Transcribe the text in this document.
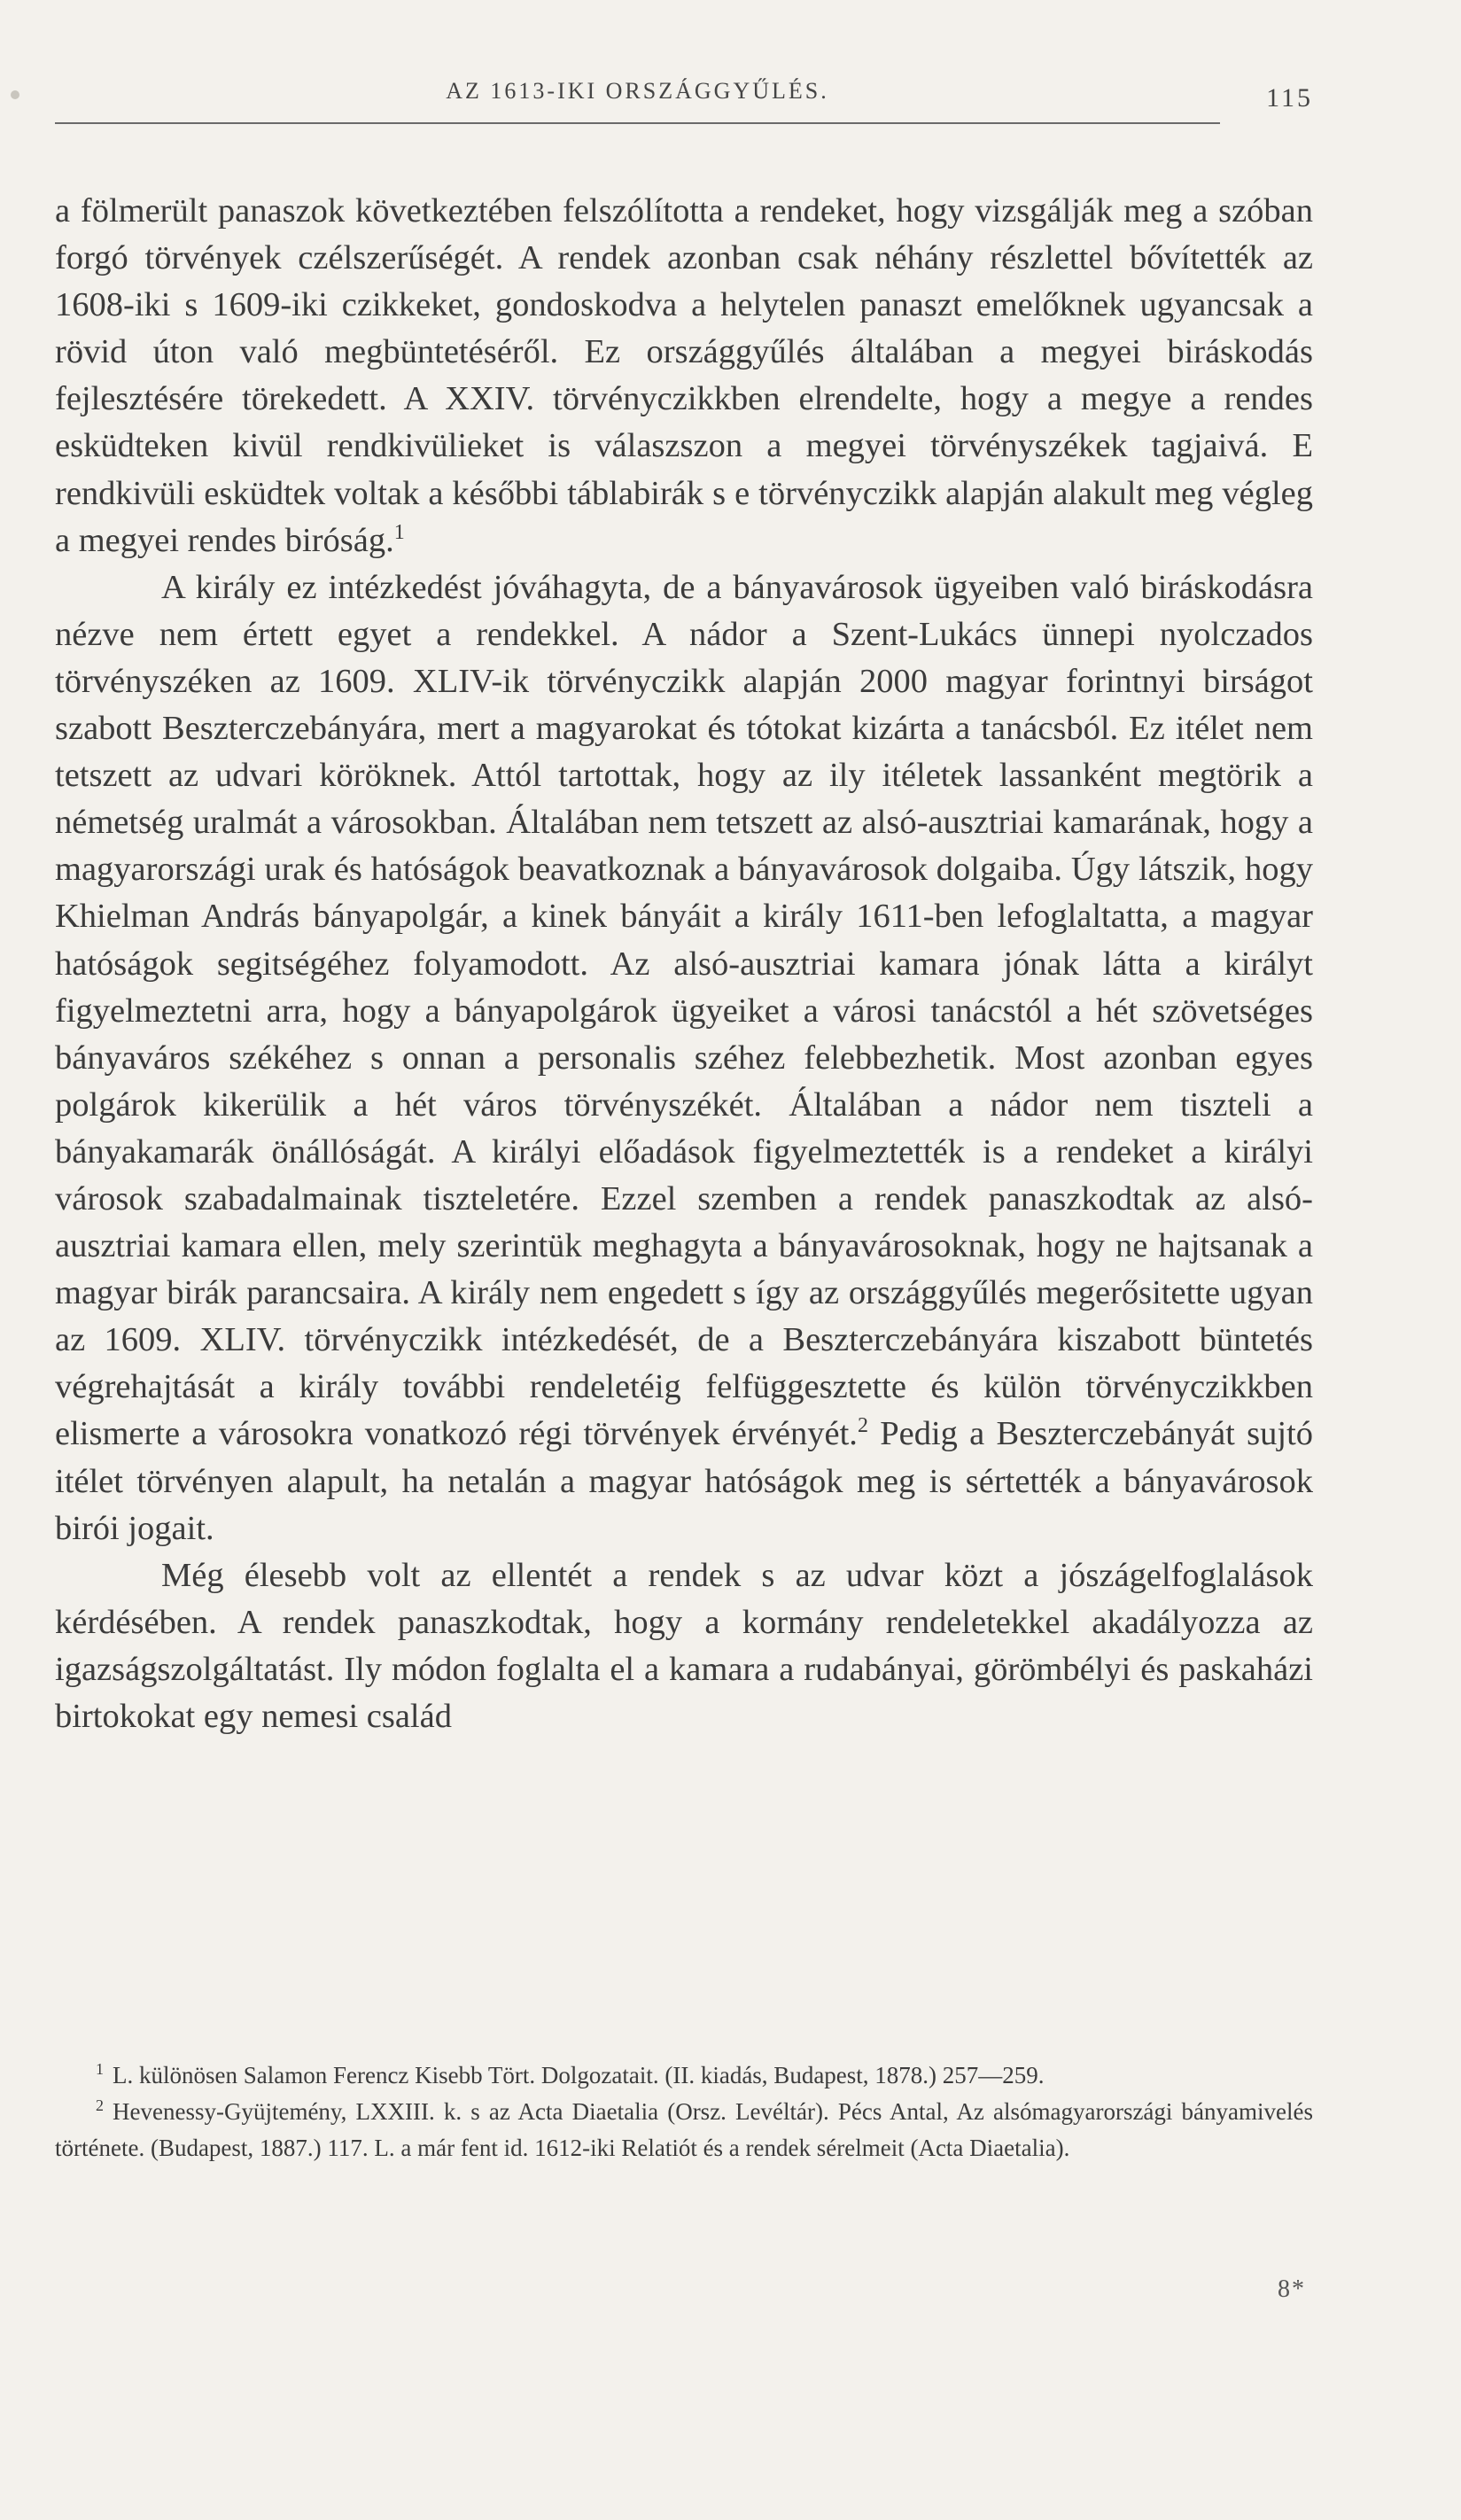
AZ 1613-IKI ORSZÁGGYŰLÉS.	115

a fölmerült panaszok következtében felszólította a rendeket, hogy vizsgálják meg a szóban forgó törvények czélszerűségét. A rendek azonban csak néhány részlettel bővítették az 1608-iki s 1609-iki czikkeket, gondoskodva a helytelen panaszt emelőknek ugyancsak a rövid úton való megbüntetéséről. Ez országgyűlés általában a megyei biráskodás fejlesztésére törekedett. A XXIV. törvényczikkben elrendelte, hogy a megye a rendes esküdteken kivül rendkivülieket is válaszszon a megyei törvényszékek tagjaivá. E rendkivüli esküdtek voltak a későbbi táblabirák s e törvényczikk alapján alakult meg végleg a megyei rendes biróság.$^1$

A király ez intézkedést jóváhagyta, de a bányavárosok ügyeiben való biráskodásra nézve nem értett egyet a rendekkel. A nádor a Szent-Lukács ünnepi nyolczados törvényszéken az 1609. XLIV-ik törvényczikk alapján 2000 magyar forintnyi birságot szabott Beszterczebányára, mert a magyarokat és tótokat kizárta a tanácsból. Ez itélet nem tetszett az udvari köröknek. Attól tartottak, hogy az ily itéletek lassanként megtörik a németség uralmát a városokban. Általában nem tetszett az alsó-ausztriai kamarának, hogy a magyarországi urak és hatóságok beavatkoznak a bányavárosok dolgaiba. Úgy látszik, hogy Khielman András bányapolgár, a kinek bányáit a király 1611-ben lefoglaltatta, a magyar hatóságok segitségéhez folyamodott. Az alsó-ausztriai kamara jónak látta a királyt figyelmeztetni arra, hogy a bányapolgárok ügyeiket a városi tanácstól a hét szövetséges bányaváros székéhez s onnan a personalis széhez felebbezhetik. Most azonban egyes polgárok kikerülik a hét város törvényszékét. Általában a nádor nem tiszteli a bányakamarák önállóságát. A királyi előadások figyelmeztették is a rendeket a királyi városok szabadalmainak tiszteletére. Ezzel szemben a rendek panaszkodtak az alsó-ausztriai kamara ellen, mely szerintük meghagyta a bányavárosoknak, hogy ne hajtsanak a magyar birák parancsaira. A király nem engedett s így az országgyűlés megerősitette ugyan az 1609. XLIV. törvényczikk intézkedését, de a Beszterczebányára kiszabott büntetés végrehajtását a király további rendeletéig felfüggesztette és külön törvényczikkben elismerte a városokra vonatkozó régi törvények érvényét.$^2$ Pedig a Beszterczebányát sujtó itélet törvényen alapult, ha netalán a magyar hatóságok meg is sértették a bányavárosok birói jogait.

Még élesebb volt az ellentét a rendek s az udvar közt a jószágelfoglalások kérdésében. A rendek panaszkodtak, hogy a kormány rendeletekkel akadályozza az igazságszolgáltatást. Ily módon foglalta el a kamara a rudabányai, görömbélyi és paskaházi birtokokat egy nemesi család

$^1$ L. különösen Salamon Ferencz Kisebb Tört. Dolgozatait. (II. kiadás, Budapest, 1878.) 257—259.

$^2$ Hevenessy-Gyüjtemény, LXXIII. k. s az Acta Diaetalia (Orsz. Levéltár). Pécs Antal, Az alsómagyarországi bányamivelés története. (Budapest, 1887.) 117. L. a már fent id. 1612-iki Relatiót és a rendek sérelmeit (Acta Diaetalia).

8*
